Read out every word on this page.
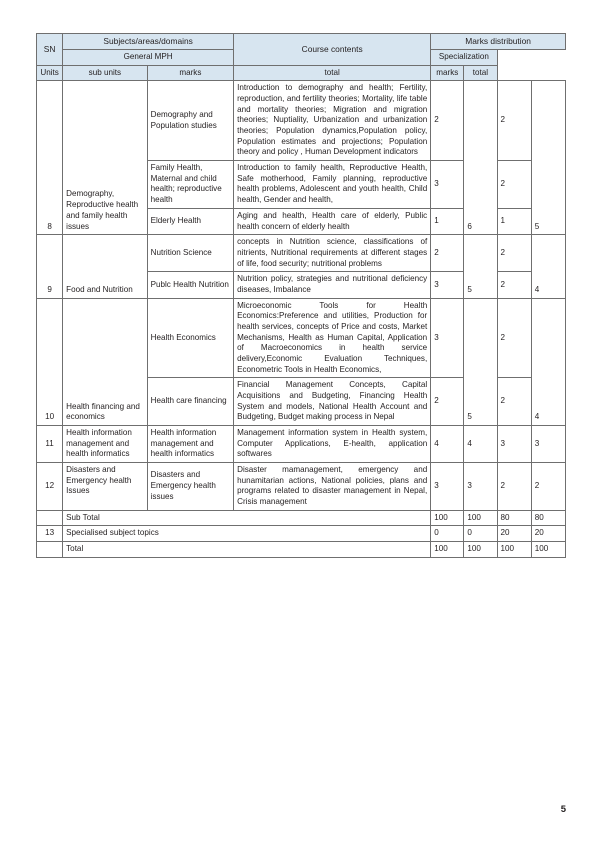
SN	Subjects/areas/domains		Course contents	Marks distribution			
	General MPH			Specialization			
Units	sub units	marks	total	marks	total		
8	Demography, Reproductive health and family health issues	Demography and Population studies	Introduction to demography and health; Fertility, reproduction, and fertility theories; Mortality, life table and mortality theories; Migration and migration theories; Nuptiality, Urbanization and urbanization theories; Population dynamics,Population policy, Population estimates and projections; Population theory and policy , Human Development indicators	2	6	2	5
		Family Health, Maternal and child health; reproductive health	Introduction to family health, Reproductive Health, Safe motherhood, Family planning, reproductive health problems, Adolescent and youth health, Child health, Gender and health,	3		2	
		Elderly Health	Aging and health, Health care of elderly, Public health concern of elderly health	1		1	
9	Food and Nutrition	Nutrition Science	concepts in Nutrition science, classifications of nitrients, Nutritional requirements at different stages of life, food security; nutritional problems	2	5	2	4
		Publc Health Nutrition	Nutrition policy, strategies and nutritional deficiency diseases, Imbalance	3		2	
10	Health financing and economics	Health Economics	Microeconomic Tools for Health Economics:Preference and utilities, Production for health services, concepts of Price and costs, Market Mechanisms, Health as Human Capital, Application of Macroeconomics in health service delivery,Economic Evaluation Techniques, Econometric Tools in Health Economics,	3	5	2	4
		Health care financing	Financial Management Concepts, Capital Acquisitions and Budgeting, Financing Health System and models, National Health Account and Budgeting, Budget making process in Nepal	2		2	
11	Health information management and health informatics	Health information management and health informatics	Management information system in Health system, Computer Applications, E-health, application softwares	4	4	3	3
12	Disasters and Emergency health Issues	Disasters and Emergency health issues	Disaster mamanagement, emergency and hunamitarian actions, National policies, plans and programs related to disaster management in Nepal, Crisis management	3	3	2	2
	Sub Total			100	100	80	80
13	Specialised subject topics			0	0	20	20
	Total			100	100	100	100
5
